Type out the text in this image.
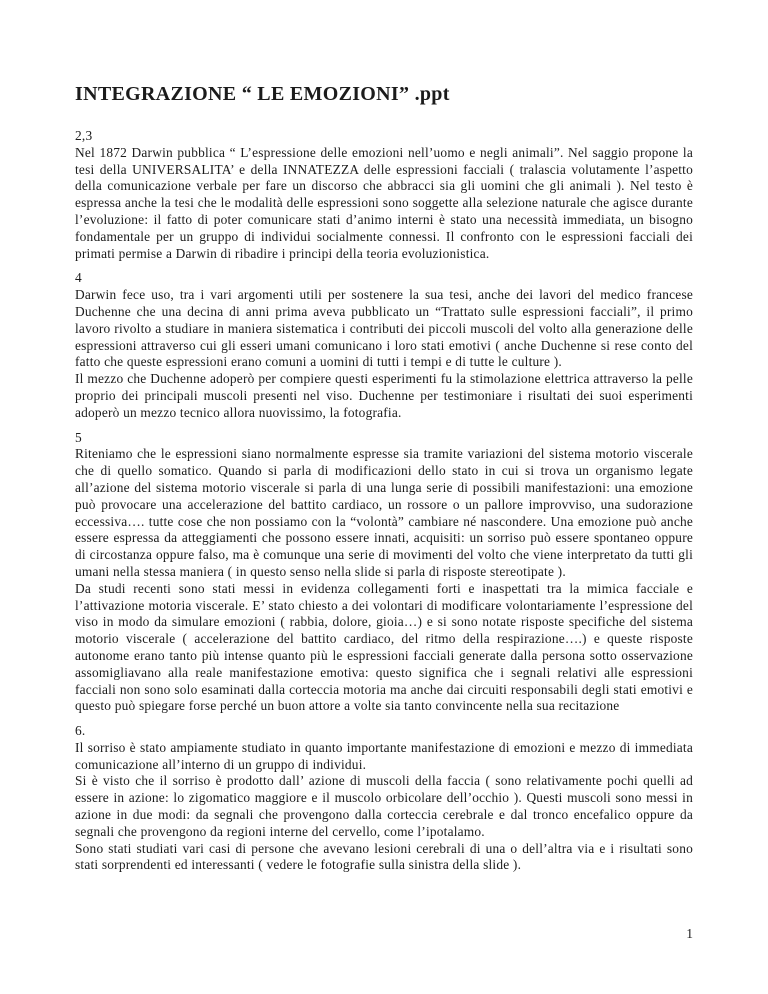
INTEGRAZIONE “ LE EMOZIONI” .ppt
2,3

Nel 1872 Darwin pubblica “ L’espressione delle emozioni nell’uomo e negli animali”. Nel saggio propone la tesi della UNIVERSALITA’ e della INNATEZZA delle espressioni facciali ( tralascia volutamente l’aspetto della comunicazione verbale per fare un discorso che abbracci sia gli uomini che gli animali ). Nel testo è espressa anche la tesi che le modalità delle espressioni sono soggette alla selezione naturale che agisce durante l’evoluzione: il fatto di poter comunicare stati d’animo interni è stato una necessità immediata, un bisogno fondamentale per un gruppo di individui socialmente connessi. Il confronto con le espressioni facciali dei primati permise a Darwin di ribadire i principi della teoria evoluzionistica.

4

Darwin fece uso, tra i vari argomenti utili per sostenere la sua tesi, anche dei lavori del medico francese Duchenne che una decina di anni prima aveva pubblicato un “Trattato sulle espressioni facciali”, il primo lavoro rivolto a studiare in maniera sistematica i contributi dei piccoli muscoli del volto alla generazione delle espressioni attraverso cui gli esseri umani comunicano i loro stati emotivi ( anche Duchenne si rese conto del fatto che queste espressioni erano comuni a uomini di tutti i tempi e di tutte le culture ).

Il mezzo che Duchenne adoperò per compiere questi esperimenti fu la stimolazione elettrica attraverso la pelle proprio dei principali muscoli presenti nel viso. Duchenne per testimoniare i risultati dei suoi esperimenti adoperò un mezzo tecnico allora nuovissimo, la fotografia.

5

Riteniamo che le espressioni siano normalmente espresse sia tramite variazioni del sistema motorio viscerale che di quello somatico. Quando si parla di modificazioni dello stato in cui si trova un organismo legate all’azione del sistema motorio viscerale si parla di una lunga serie di possibili manifestazioni: una emozione può provocare una accelerazione del battito cardiaco, un rossore o un pallore improvviso, una sudorazione eccessiva…. tutte cose che non possiamo con la “volontà” cambiare né nascondere. Una emozione può anche essere espressa da atteggiamenti che possono essere innati, acquisiti: un sorriso può essere spontaneo oppure di circostanza oppure falso, ma è comunque una serie di movimenti del volto che viene interpretato da tutti gli umani nella stessa maniera ( in questo senso nella slide si parla di risposte stereotipate ).

Da studi recenti sono stati messi in evidenza collegamenti forti e inaspettati tra la mimica facciale e l’attivazione motoria viscerale. E’ stato chiesto a dei volontari di modificare volontariamente l’espressione del viso in modo da simulare emozioni ( rabbia, dolore, gioia…) e si sono notate risposte specifiche del sistema motorio viscerale ( accelerazione del battito cardiaco, del ritmo della respirazione….) e queste risposte autonome erano tanto più intense quanto più le espressioni facciali generate dalla persona sotto osservazione assomigliavano alla reale manifestazione emotiva: questo significa che i segnali relativi alle espressioni facciali non sono solo esaminati dalla corteccia motoria ma anche dai circuiti responsabili degli stati emotivi e questo può spiegare forse perché un buon attore a volte sia tanto convincente nella sua recitazione

6.

Il sorriso è stato ampiamente studiato in quanto importante manifestazione di emozioni e mezzo di immediata comunicazione all’interno di un gruppo di individui.

Si è visto che il sorriso è prodotto dall’ azione di muscoli della faccia ( sono relativamente pochi quelli ad essere in azione: lo zigomatico maggiore e il muscolo orbicolare dell’occhio ). Questi muscoli sono messi in azione in due modi: da segnali che provengono dalla corteccia cerebrale e dal tronco encefalico oppure da segnali che provengono da regioni interne del cervello, come l’ipotalamo.

Sono stati studiati vari casi di persone che avevano lesioni cerebrali di una o dell’altra via e i risultati sono stati sorprendenti ed interessanti ( vedere le fotografie sulla sinistra della slide ).

1
